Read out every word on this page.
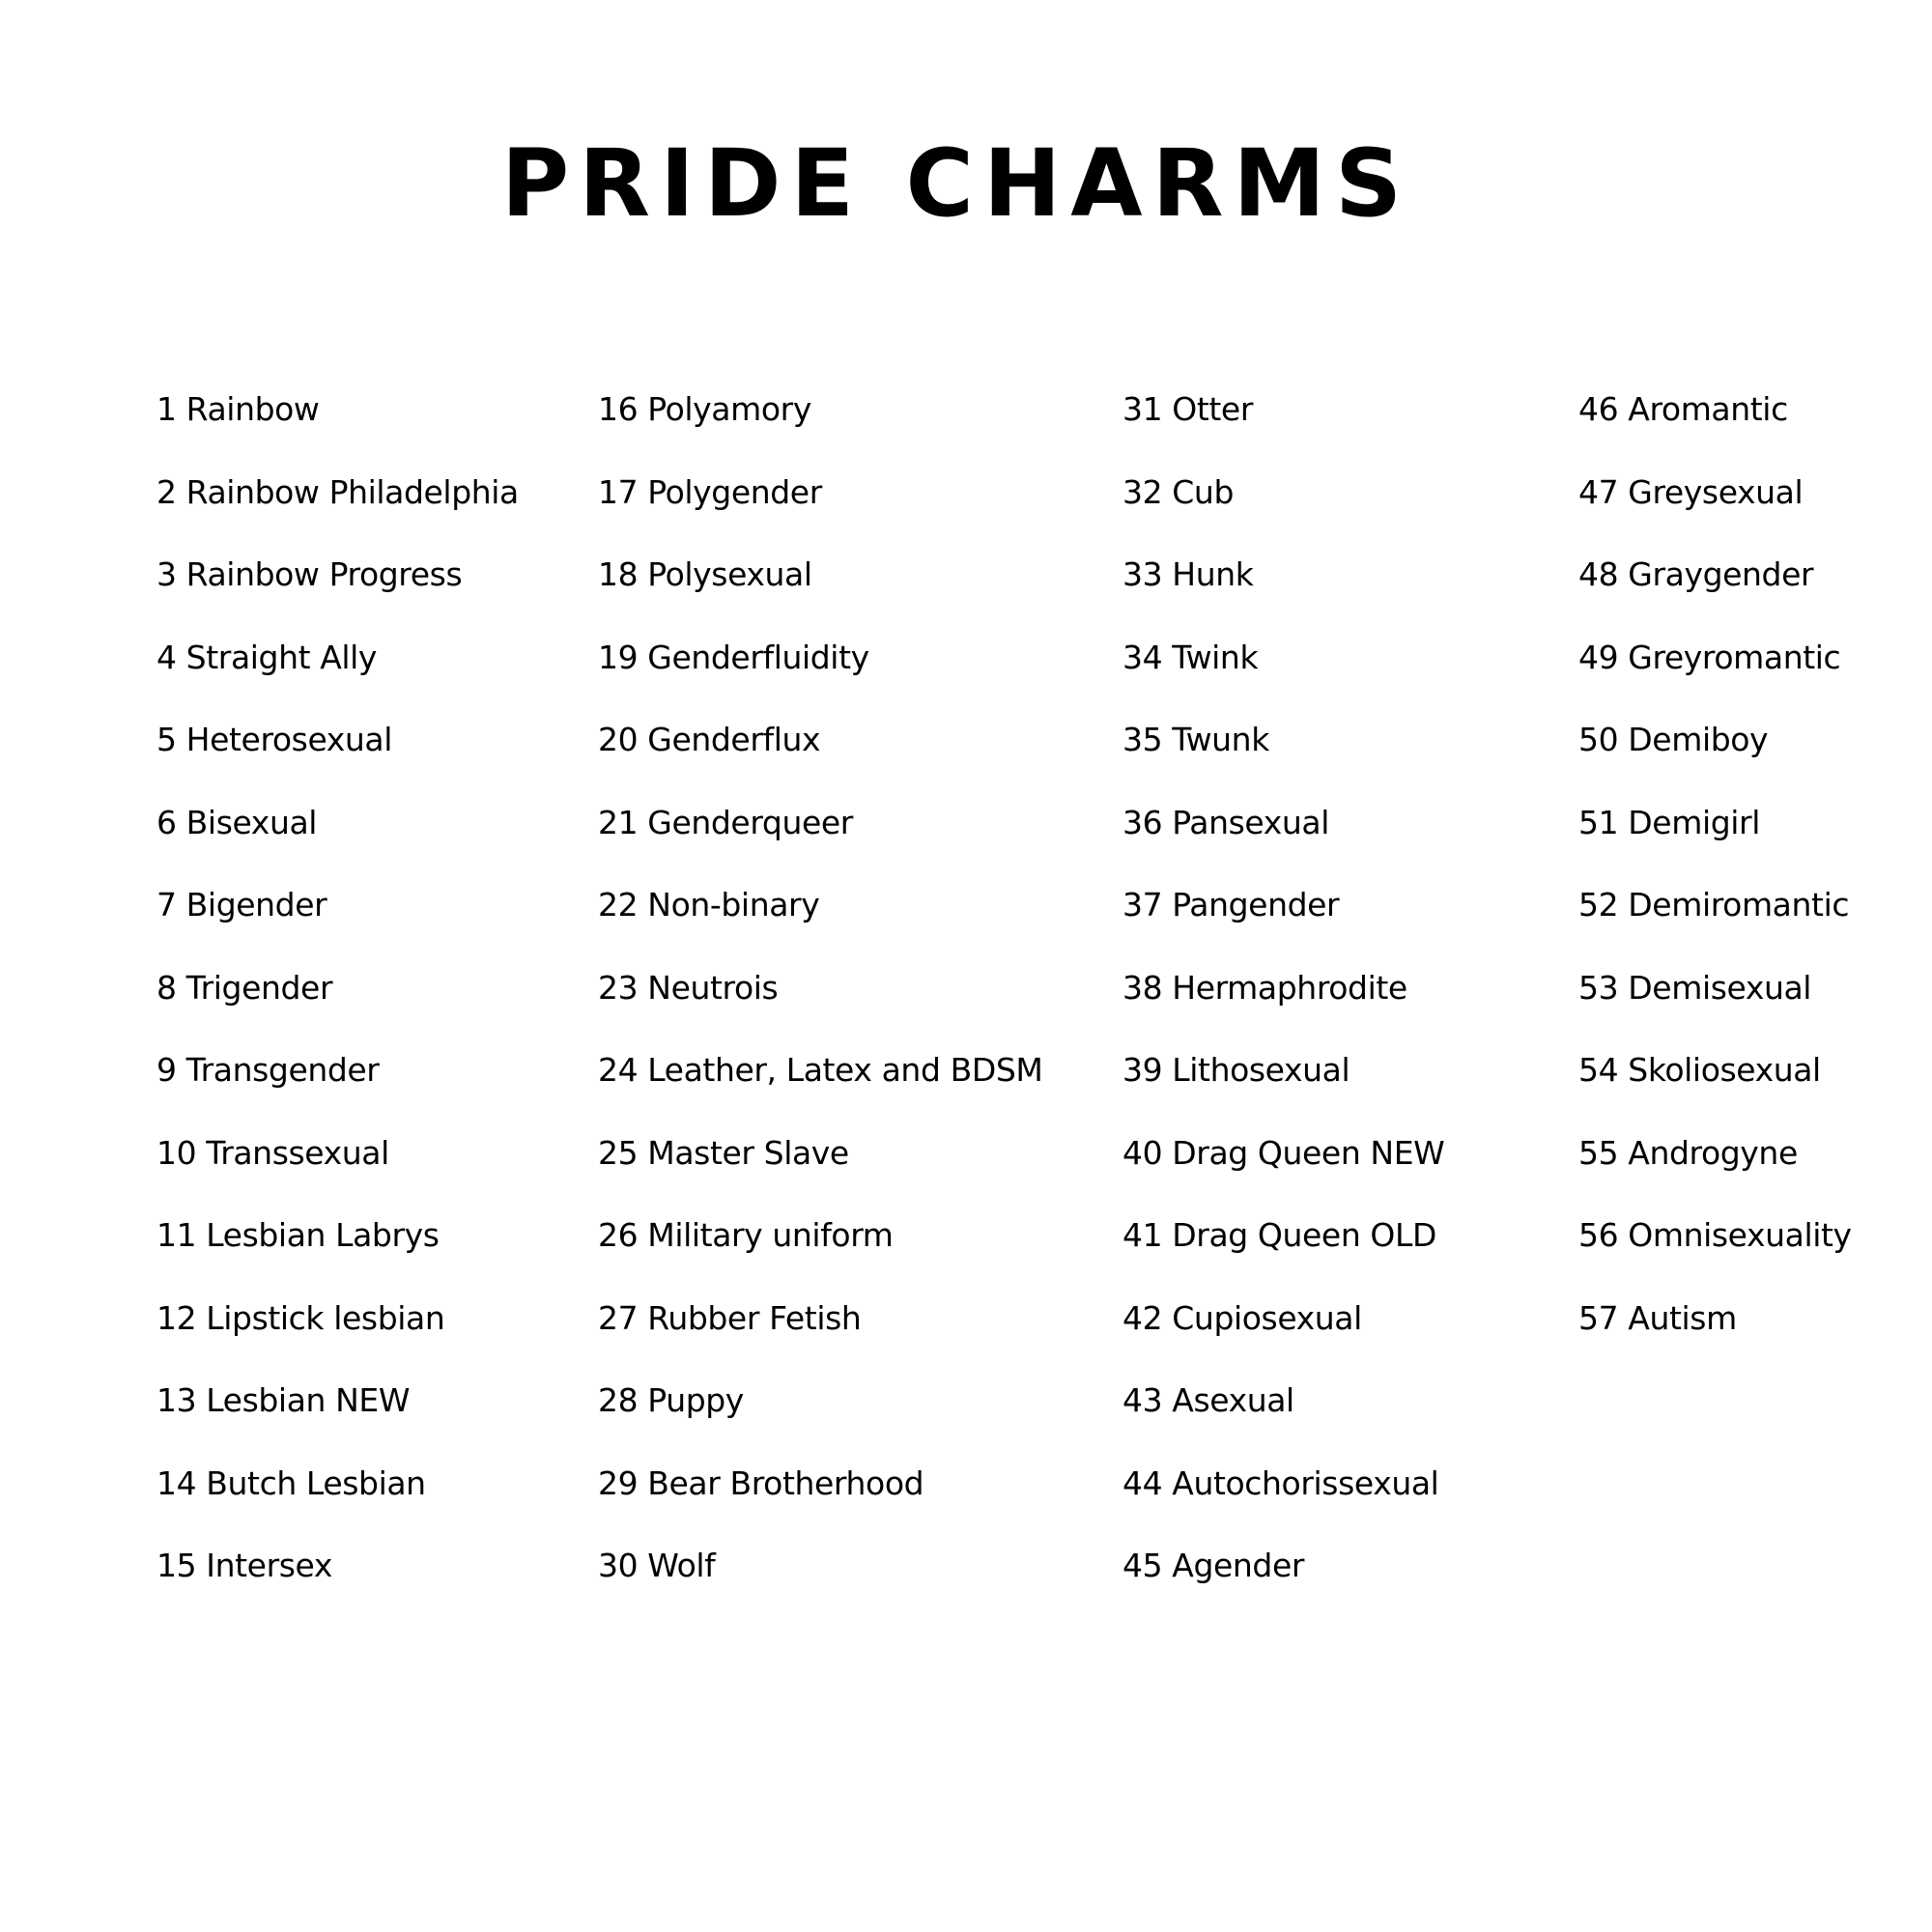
PRIDE CHARMS
1 Rainbow
2 Rainbow Philadelphia
3 Rainbow Progress
4 Straight Ally
5 Heterosexual
6 Bisexual
7 Bigender
8 Trigender
9 Transgender
10 Transsexual
11 Lesbian Labrys
12 Lipstick lesbian
13 Lesbian NEW
14 Butch Lesbian
15 Intersex
16 Polyamory
17 Polygender
18 Polysexual
19 Genderfluidity
20 Genderflux
21 Genderqueer
22 Non-binary
23 Neutrois
24 Leather, Latex and BDSM
25 Master Slave
26 Military uniform
27 Rubber Fetish
28 Puppy
29 Bear Brotherhood
30 Wolf
31 Otter
32 Cub
33 Hunk
34 Twink
35 Twunk
36 Pansexual
37 Pangender
38 Hermaphrodite
39 Lithosexual
40 Drag Queen NEW
41 Drag Queen OLD
42 Cupiosexual
43 Asexual
44 Autochorissexual
45 Agender
46 Aromantic
47 Greysexual
48 Graygender
49 Greyromantic
50 Demiboy
51 Demigirl
52 Demiromantic
53 Demisexual
54 Skoliosexual
55 Androgyne
56 Omnisexuality
57 Autism
